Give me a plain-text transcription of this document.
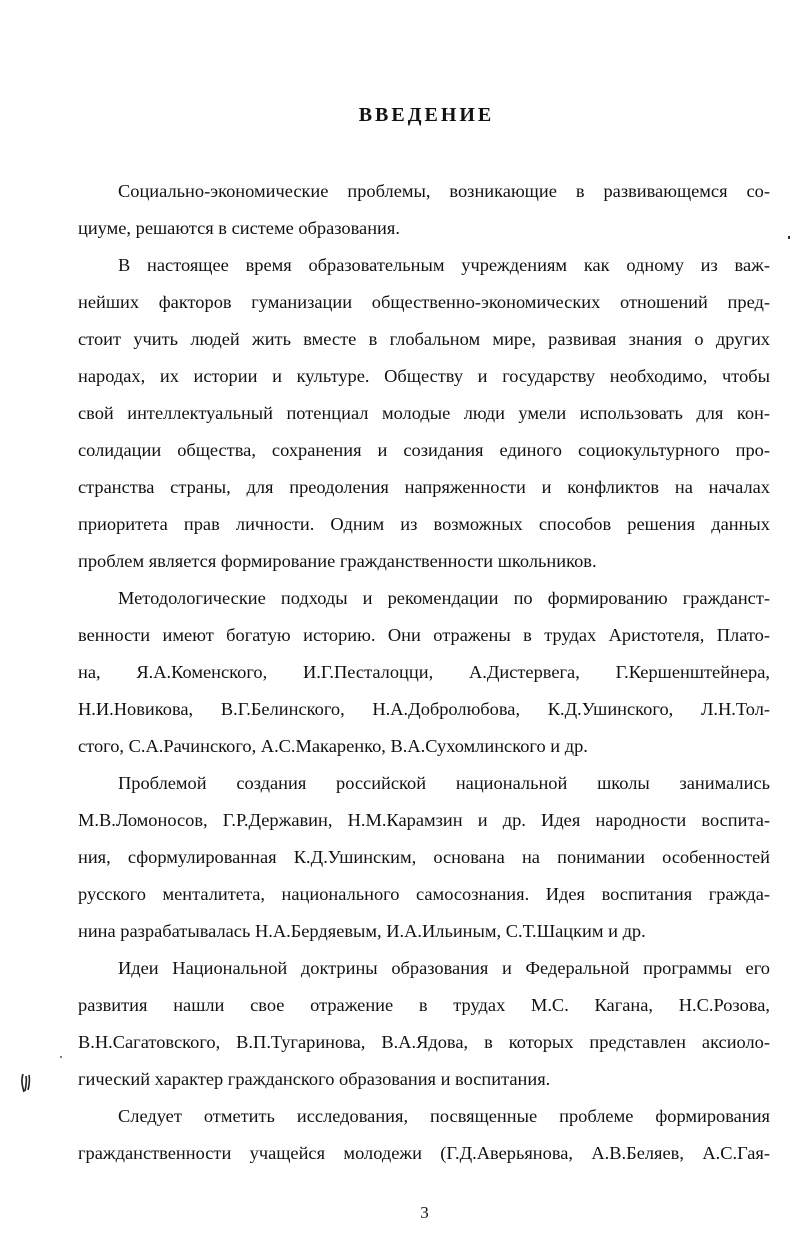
ВВЕДЕНИЕ
Социально-экономические проблемы, возникающие в развивающемся со-
циуме, решаются в системе образования.
В настоящее время образовательным учреждениям как одному из важ-
нейших факторов гуманизации общественно-экономических отношений пред-
стоит учить людей жить вместе в глобальном мире, развивая знания о других
народах, их истории и культуре. Обществу и государству необходимо, чтобы
свой интеллектуальный потенциал молодые люди умели использовать для кон-
солидации общества, сохранения и созидания единого социокультурного про-
странства страны, для преодоления напряженности и конфликтов на началах
приоритета прав личности. Одним из возможных способов решения данных
проблем является формирование гражданственности школьников.
Методологические подходы и рекомендации по формированию гражданст-
венности имеют богатую историю. Они отражены в трудах Аристотеля, Плато-
на, Я.А.Коменского, И.Г.Песталоцци, А.Дистервега, Г.Кершенштейнера,
Н.И.Новикова, В.Г.Белинского, Н.А.Добролюбова, К.Д.Ушинского, Л.Н.Тол-
стого, С.А.Рачинского, А.С.Макаренко, В.А.Сухомлинского и др.
Проблемой создания российской национальной школы занимались
М.В.Ломоносов, Г.Р.Державин, Н.М.Карамзин и др. Идея народности воспита-
ния, сформулированная К.Д.Ушинским, основана на понимании особенностей
русского менталитета, национального самосознания. Идея воспитания гражда-
нина разрабатывалась Н.А.Бердяевым, И.А.Ильиным, С.Т.Шацким и др.
Идеи Национальной доктрины образования и Федеральной программы его
развития нашли свое отражение в трудах М.С. Кагана, Н.С.Розова,
В.Н.Сагатовского, В.П.Тугаринова, В.А.Ядова, в которых представлен аксиоло-
гический характер гражданского образования и воспитания.
Следует отметить исследования, посвященные проблеме формирования
гражданственности учащейся молодежи (Г.Д.Аверьянова, А.В.Беляев, А.С.Гая-
3
